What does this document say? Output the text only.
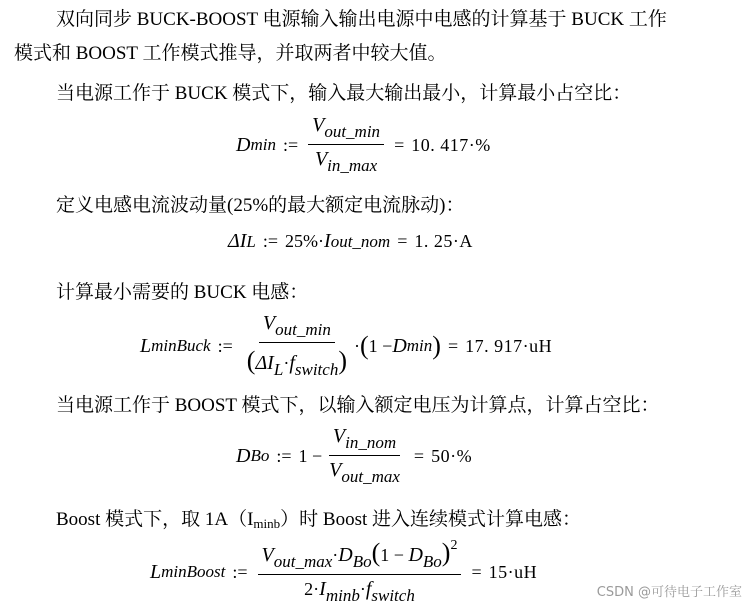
双向同步 BUCK-BOOST 电源输入输出电源中电感的计算基于 BUCK 工作

模式和 BOOST 工作模式推导，并取两者中较大值。

当电源工作于 BUCK 模式下，输入最大输出最小，计算最小占空比：

D min := $\frac{\text{Vout\_min}}{\text{Vin\_max}} = 10$. 417·%

定义电感电流波动量(25%的最大额定电流脉动)：

ΔI L := 25%· I out_nom = 1. 25·A

计算最小需要的 BUCK 电感：

L minBuck := $\frac{\text{Vout\_min}}{\text{(ΔIL·fswitch)}}$ · ( 1 − D min ) = 17. 917·uH

当电源工作于 BOOST 模式下，以输入额定电压为计算点，计算占空比：

D Bo := $1 - \frac{\text{Vin\_nom}}{\text{Vout\_max}} = 50\cdot\%$

Boost 模式下，取 1A（Iminb）时 Boost 进入连续模式计算电感：

L minBoost := $\frac{Vout\_\max\cdot DBo(1 - DBo)^2}{\text{2·Iminb·fswitch}} = 15\cdot uH$
CSDN @可待电子工作室
